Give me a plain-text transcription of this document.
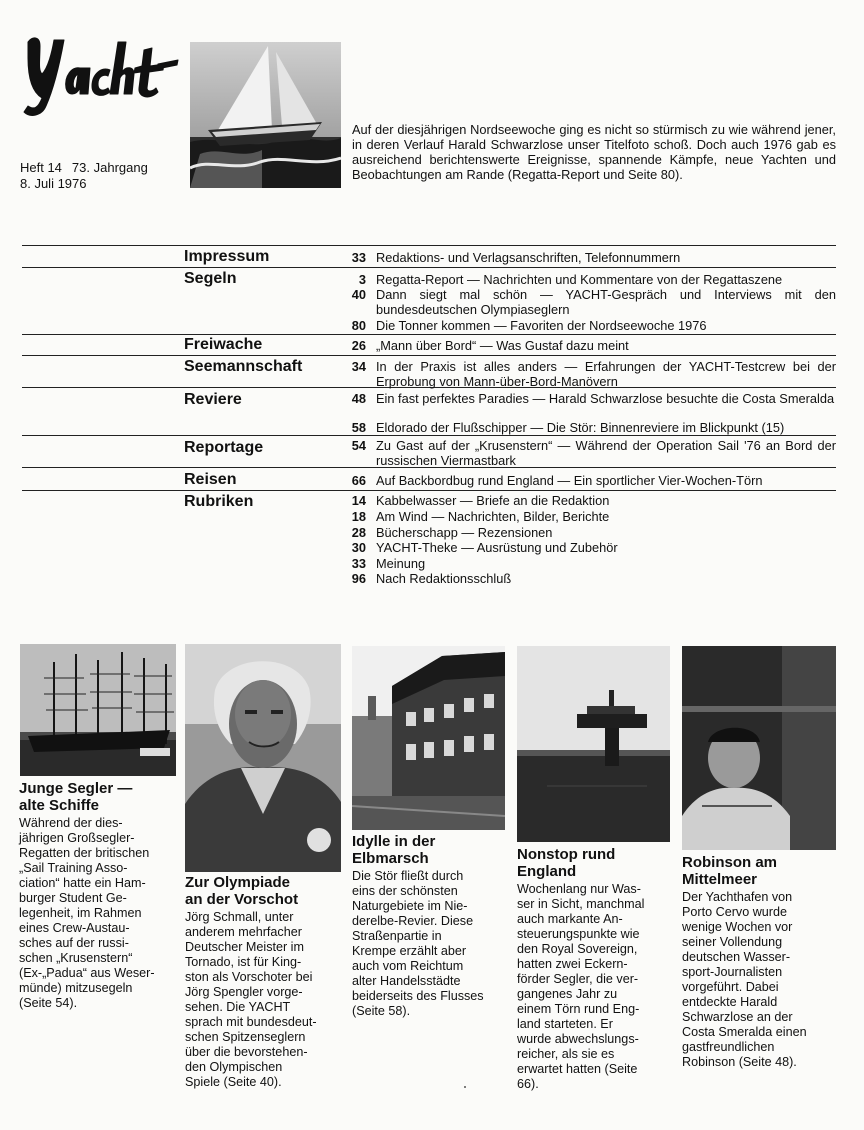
Heft 14 73. Jahrgang
8. Juli 1976
Auf der diesjährigen Nordseewoche ging es nicht so stürmisch zu wie während jener, in deren Verlauf Harald Schwarzlose unser Titelfoto schoß. Doch auch 1976 gab es ausreichend berichtenswerte Ereignisse, spannende Kämpfe, neue Yachten und Beobachtungen am Rande (Regatta-Report und Seite 80).
Impressum	33 Redaktions- und Verlagsanschriften, Telefonnummern
Segeln	3 Regatta-Report — Nachrichten und Kommentare von der Regattaszene
40 Dann siegt mal schön — YACHT-Gespräch und Interviews mit den bundesdeutschen Olympiaseglern
80 Die Tonner kommen — Favoriten der Nordseewoche 1976
Freiwache	26 „Mann über Bord“ — Was Gustaf dazu meint
Seemannschaft	34 In der Praxis ist alles anders — Erfahrungen der YACHT-Testcrew bei der Erprobung von Mann-über-Bord-Manövern
Reviere	48 Ein fast perfektes Paradies — Harald Schwarzlose besuchte die Costa Smeralda
58 Eldorado der Flußschipper — Die Stör: Binnenreviere im Blickpunkt (15)
Reportage	54 Zu Gast auf der „Krusenstern“ — Während der Operation Sail '76 an Bord der russischen Viermastbark
Reisen	66 Auf Backbordbug rund England — Ein sportlicher Vier-Wochen-Törn
Rubriken	14 Kabbelwasser — Briefe an die Redaktion
18 Am Wind — Nachrichten, Bilder, Berichte
28 Bücherschapp — Rezensionen
30 YACHT-Theke — Ausrüstung und Zubehör
33 Meinung
96 Nach Redaktionsschluß
Junge Segler —
alte Schiffe
Während der dies-
jährigen Großsegler-
Regatten der britischen
„Sail Training Asso-
ciation“ hatte ein Ham-
burger Student Ge-
legenheit, im Rahmen
eines Crew-Austau-
sches auf der russi-
schen „Krusenstern“
(Ex-„Padua“ aus Weser-
münde) mitzusegeln
(Seite 54).
Zur Olympiade
an der Vorschot
Jörg Schmall, unter
anderem mehrfacher
Deutscher Meister im
Tornado, ist für King-
ston als Vorschoter bei
Jörg Spengler vorge-
sehen. Die YACHT
sprach mit bundesdeut-
schen Spitzenseglern
über die bevorstehen-
den Olympischen
Spiele (Seite 40).
Idylle in der
Elbmarsch
Die Stör fließt durch
eins der schönsten
Naturgebiete im Nie-
derelbe-Revier. Diese
Straßenpartie in
Krempe erzählt aber
auch vom Reichtum
alter Handelsstädte
beiderseits des Flusses
(Seite 58).
Nonstop rund
England
Wochenlang nur Was-
ser in Sicht, manchmal
auch markante An-
steuerungspunkte wie
den Royal Sovereign,
hatten zwei Eckern-
förder Segler, die ver-
gangenes Jahr zu
einem Törn rund Eng-
land starteten. Er
wurde abwechslungs-
reicher, als sie es
erwartet hatten (Seite
66).
Robinson am
Mittelmeer
Der Yachthafen von
Porto Cervo wurde
wenige Wochen vor
seiner Vollendung
deutschen Wasser-
sport-Journalisten
vorgeführt. Dabei
entdeckte Harald
Schwarzlose an der
Costa Smeralda einen
gastfreundlichen
Robinson (Seite 48).
